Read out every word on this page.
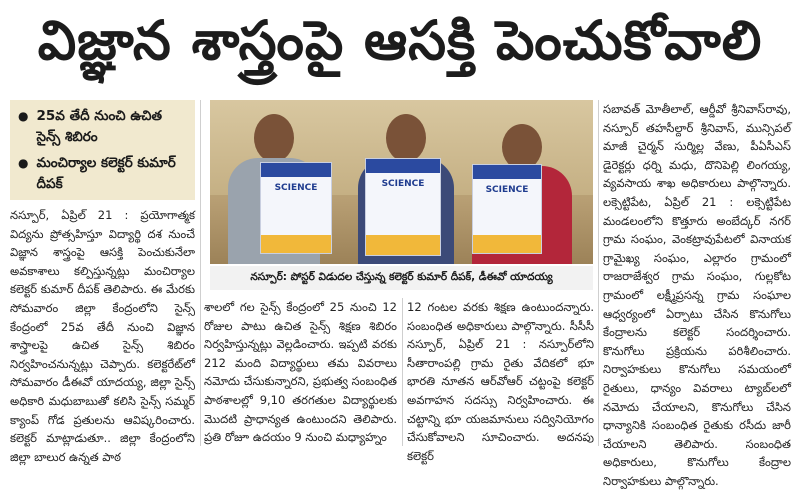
విజ్ఞాన శాస్త్రంపై ఆసక్తి పెంచుకోవాలి
● 25వ తేదీ నుంచి ఉచిత సైన్స్ శిబిరం
● మంచిర్యాల కలెక్టర్ కుమార్ దీపక్

నస్పూర్, ఏప్రిల్ 21 : ప్రయోగాత్మక విద్యను ప్రోత్సహిస్తూ విద్యార్థి దశ నుంచే విజ్ఞాన శాస్త్రంపై ఆసక్తి పెంచుకునేలా అవకాశాలు కల్పిస్తున్నట్లు మంచిర్యాల కలెక్టర్ కుమార్ దీపక్ తెలిపారు. ఈ మేరకు సోమవారం జిల్లా కేంద్రంలోని సైన్స్ కేంద్రంలో 25వ తేదీ నుంచి విజ్ఞాన శాస్త్రాలపై ఉచిత సైన్స్ శిబిరం నిర్వహించనున్నట్లు చెప్పారు. కలెక్టరేట్‌లో సోమవారం డీఈవో యాదయ్య, జిల్లా సైన్స్ అధికారి మధుబాబుతో కలిసి సైన్స్ సమ్మర్ క్యాంప్ గోడ ప్రతులను ఆవిష్కరించారు. కలెక్టర్ మాట్లాడుతూ.. జిల్లా కేంద్రంలోని జిల్లా బాలుర ఉన్నత పాఠ

SCIENCE	SCIENCE
SCIENCE
నస్పూర్: పోస్టర్ విడుదల చేస్తున్న కలెక్టర్ కుమార్ దీపక్, డీఈవో యాదయ్య

శాలలో గల సైన్స్ కేంద్రంలో 25 నుంచి 12 రోజుల పాటు ఉచిత సైన్స్ శిక్షణ శిబిరం నిర్వహిస్తున్నట్లు వెల్లడించారు. ఇప్పటి వరకు 212 మంది విద్యార్థులు తమ వివరాలు నమోదు చేసుకున్నారని, ప్రభుత్వ సంబంధిత పాఠశాలల్లో 9,10 తరగతుల విద్యార్థులకు మొదటి ప్రాధాన్యత ఉంటుందని తెలిపారు. ప్రతి రోజూ ఉదయం 9 నుంచి మధ్యాహ్నం

12 గంటల వరకు శిక్షణ ఉంటుందన్నారు. సంబంధిత అధికారులు పాల్గొన్నారు. సీసీసీ నస్పూర్, ఏప్రిల్ 21 : నస్పూర్‌లోని సీతారాంపల్లి గ్రామ రైతు వేదికలో భూ భారతి నూతన ఆర్‌వోఆర్ చట్టంపై కలెక్టర్ అవగాహన సదస్సు నిర్వహించారు. ఈ చట్టాన్ని భూ యజమానులు సద్వినియోగం చేసుకోవాలని సూచించారు. అదనపు కలెక్టర్

సబావత్ మోతీలాల్, ఆర్డీవో శ్రీనివాస్‌రావు, నస్పూర్ తహసీల్దార్ శ్రీనివాస్, మున్సిపల్ మాజీ చైర్మన్ సుర్మిల్ల వేణు, పీఏసీఎస్ డైరెక్టర్లు ధర్ని మధు, దొనిపెల్లి లింగయ్య, వ్యవసాయ శాఖ అధికారులు పాల్గొన్నారు. లక్సెట్టిపేట, ఏప్రిల్ 21 : లక్సెట్టిపేట మండలంలోని కొత్తూరు అంబేద్కర్ నగర్ గ్రామ సంఘం, వెంకట్రావుపేటలో వినాయక గ్రామైఖ్య సంఘం, ఎల్లారం గ్రామంలో రాజరాజేశ్వర గ్రామ సంఘం, గుల్లకోట గ్రామంలో లక్ష్మీప్రసన్న గ్రామ సంఘాల ఆధ్వర్యంలో ఏర్పాటు చేసిన కొనుగోలు కేంద్రాలను కలెక్టర్ సందర్శించారు. కొనుగోలు ప్రక్రియను పరిశీలించారు. నిర్వాహకులు కొనుగోలు సమయంలో రైతులు, ధాన్యం వివరాలు ట్యాబ్‌లలో నమోదు చేయాలని, కొనుగోలు చేసిన ధాన్యానికి సంబంధిత రైతుకు రసీదు జారీ చేయాలని తెలిపారు. సంబంధిత అధికారులు, కొనుగోలు కేంద్రాల నిర్వాహకులు పాల్గొన్నారు.
